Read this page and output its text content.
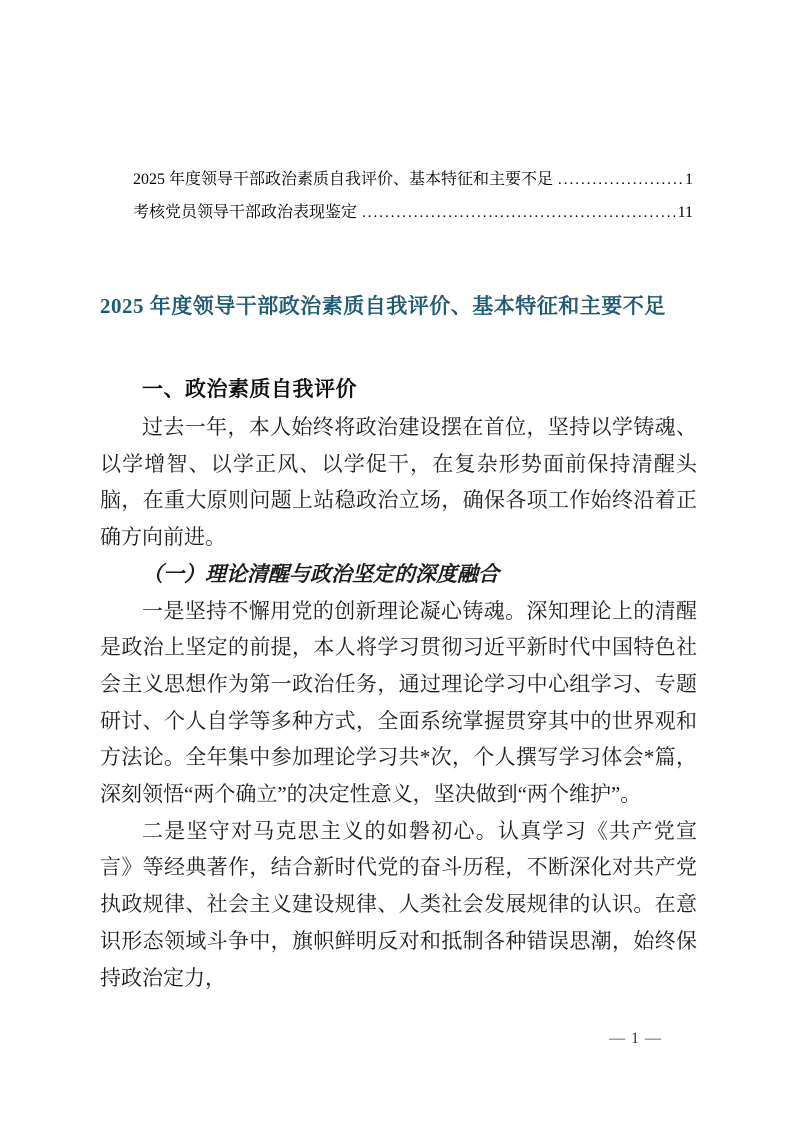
2025 年度领导干部政治素质自我评价、基本特征和主要不足 .....	1
考核党员领导干部政治表现鉴定 .....	11
2025 年度领导干部政治素质自我评价、基本特征和主要不足
一、政治素质自我评价

过去一年，本人始终将政治建设摆在首位，坚持以学铸魂、以学增智、以学正风、以学促干，在复杂形势面前保持清醒头脑，在重大原则问题上站稳政治立场，确保各项工作始终沿着正确方向前进。

（一）理论清醒与政治坚定的深度融合

一是坚持不懈用党的创新理论凝心铸魂。深知理论上的清醒是政治上坚定的前提，本人将学习贯彻习近平新时代中国特色社会主义思想作为第一政治任务，通过理论学习中心组学习、专题研讨、个人自学等多种方式，全面系统掌握贯穿其中的世界观和方法论。全年集中参加理论学习共*次，个人撰写学习体会*篇，深刻领悟“两个确立”的决定性意义，坚决做到“两个维护”。

二是坚守对马克思主义的如磐初心。认真学习《共产党宣言》等经典著作，结合新时代党的奋斗历程，不断深化对共产党执政规律、社会主义建设规律、人类社会发展规律的认识。在意识形态领域斗争中，旗帜鲜明反对和抵制各种错误思潮，始终保持政治定力，

— 1 —
